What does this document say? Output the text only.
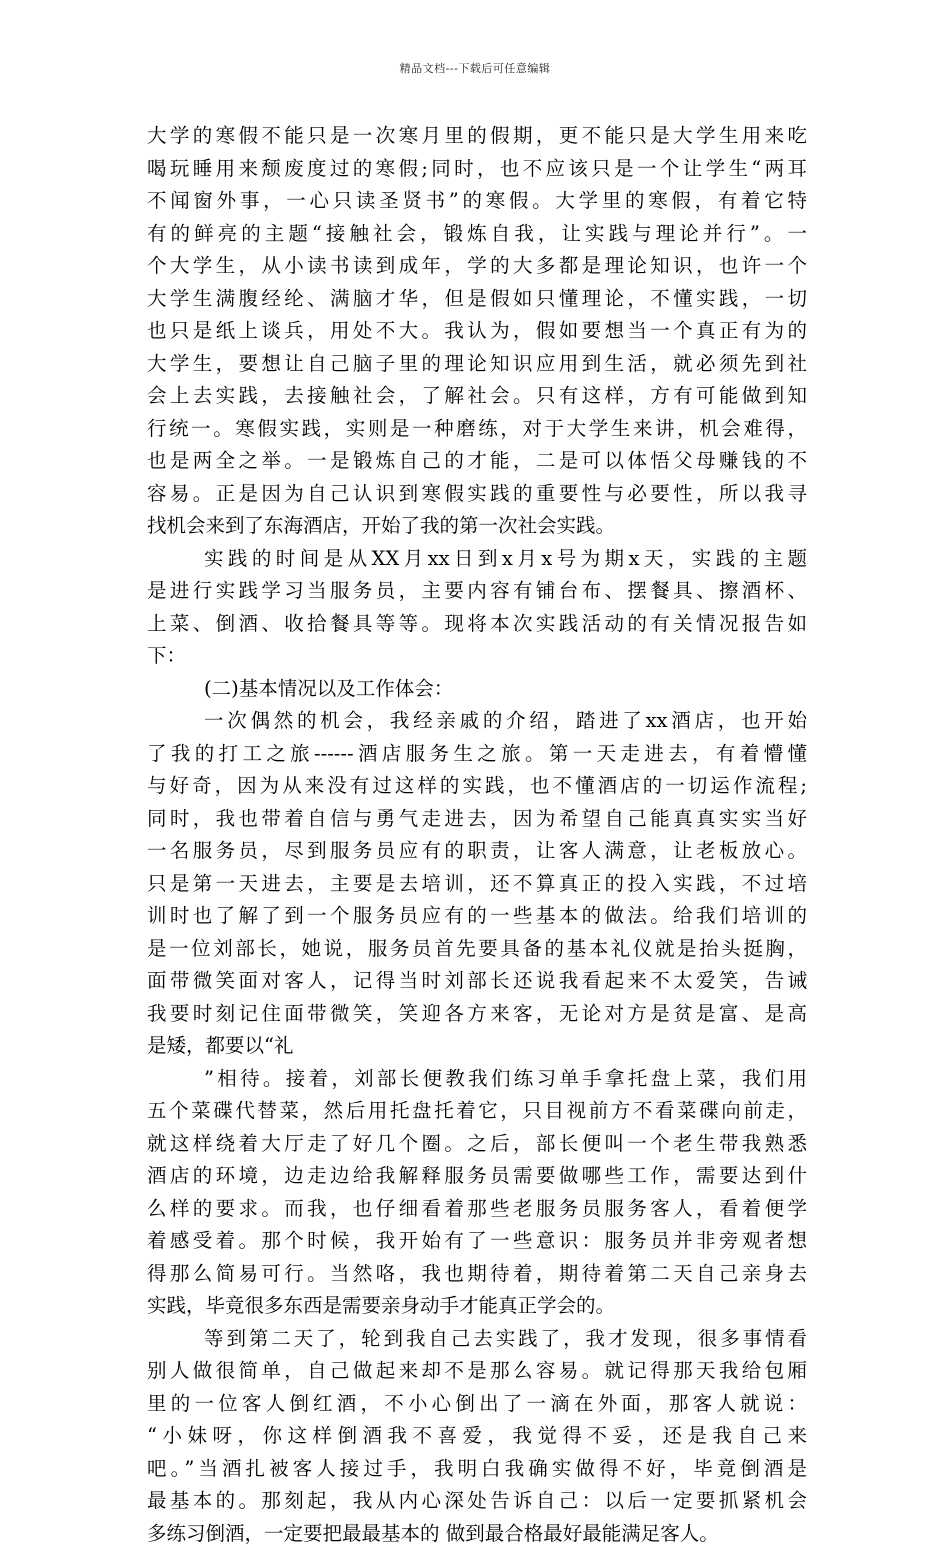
精品文档---下载后可任意编辑
大学的寒假不能只是一次寒月里的假期，更不能只是大学生用来吃
喝玩睡用来颓废度过的寒假;同时，也不应该只是一个让学生“两耳
不闻窗外事，一心只读圣贤书”的寒假。大学里的寒假，有着它特
有的鲜亮的主题“接触社会，锻炼自我，让实践与理论并行”。一
个大学生，从小读书读到成年，学的大多都是理论知识，也许一个
大学生满腹经纶、满脑才华，但是假如只懂理论，不懂实践，一切
也只是纸上谈兵，用处不大。我认为，假如要想当一个真正有为的
大学生，要想让自己脑子里的理论知识应用到生活，就必须先到社
会上去实践，去接触社会，了解社会。只有这样，方有可能做到知
行统一。寒假实践，实则是一种磨练，对于大学生来讲，机会难得，
也是两全之举。一是锻炼自己的才能，二是可以体悟父母赚钱的不
容易。正是因为自己认识到寒假实践的重要性与必要性，所以我寻
找机会来到了东海酒店，开始了我的第一次社会实践。
实践的时间是从XX月xx日到x月x号为期x天，实践的主题
是进行实践学习当服务员，主要内容有铺台布、摆餐具、擦酒杯、
上菜、倒酒、收拾餐具等等。现将本次实践活动的有关情况报告如
下：
(二)基本情况以及工作体会：
一次偶然的机会，我经亲戚的介绍，踏进了xx酒店，也开始
了我的打工之旅------酒店服务生之旅。第一天走进去，有着懵懂
与好奇，因为从来没有过这样的实践，也不懂酒店的一切运作流程;
同时，我也带着自信与勇气走进去，因为希望自己能真真实实当好
一名服务员，尽到服务员应有的职责，让客人满意，让老板放心。
只是第一天进去，主要是去培训，还不算真正的投入实践，不过培
训时也了解了到一个服务员应有的一些基本的做法。给我们培训的
是一位刘部长，她说，服务员首先要具备的基本礼仪就是抬头挺胸，
面带微笑面对客人，记得当时刘部长还说我看起来不太爱笑，告诫
我要时刻记住面带微笑，笑迎各方来客，无论对方是贫是富、是高
是矮，都要以“礼
”相待。接着，刘部长便教我们练习单手拿托盘上菜，我们用
五个菜碟代替菜，然后用托盘托着它，只目视前方不看菜碟向前走，
就这样绕着大厅走了好几个圈。之后，部长便叫一个老生带我熟悉
酒店的环境，边走边给我解释服务员需要做哪些工作，需要达到什
么样的要求。而我，也仔细看着那些老服务员服务客人，看着便学
着感受着。那个时候，我开始有了一些意识：服务员并非旁观者想
得那么简易可行。当然咯，我也期待着，期待着第二天自己亲身去
实践，毕竟很多东西是需要亲身动手才能真正学会的。
等到第二天了，轮到我自己去实践了，我才发现，很多事情看
别人做很简单，自己做起来却不是那么容易。就记得那天我给包厢
里的一位客人倒红酒，不小心倒出了一滴在外面，那客人就说：
“小妹呀，你这样倒酒我不喜爱，我觉得不妥，还是我自己来
吧。”当酒扎被客人接过手，我明白我确实做得不好，毕竟倒酒是
最基本的。那刻起，我从内心深处告诉自己：以后一定要抓紧机会
多练习倒酒，一定要把最最基本的 做到最合格最好最能满足客人。
